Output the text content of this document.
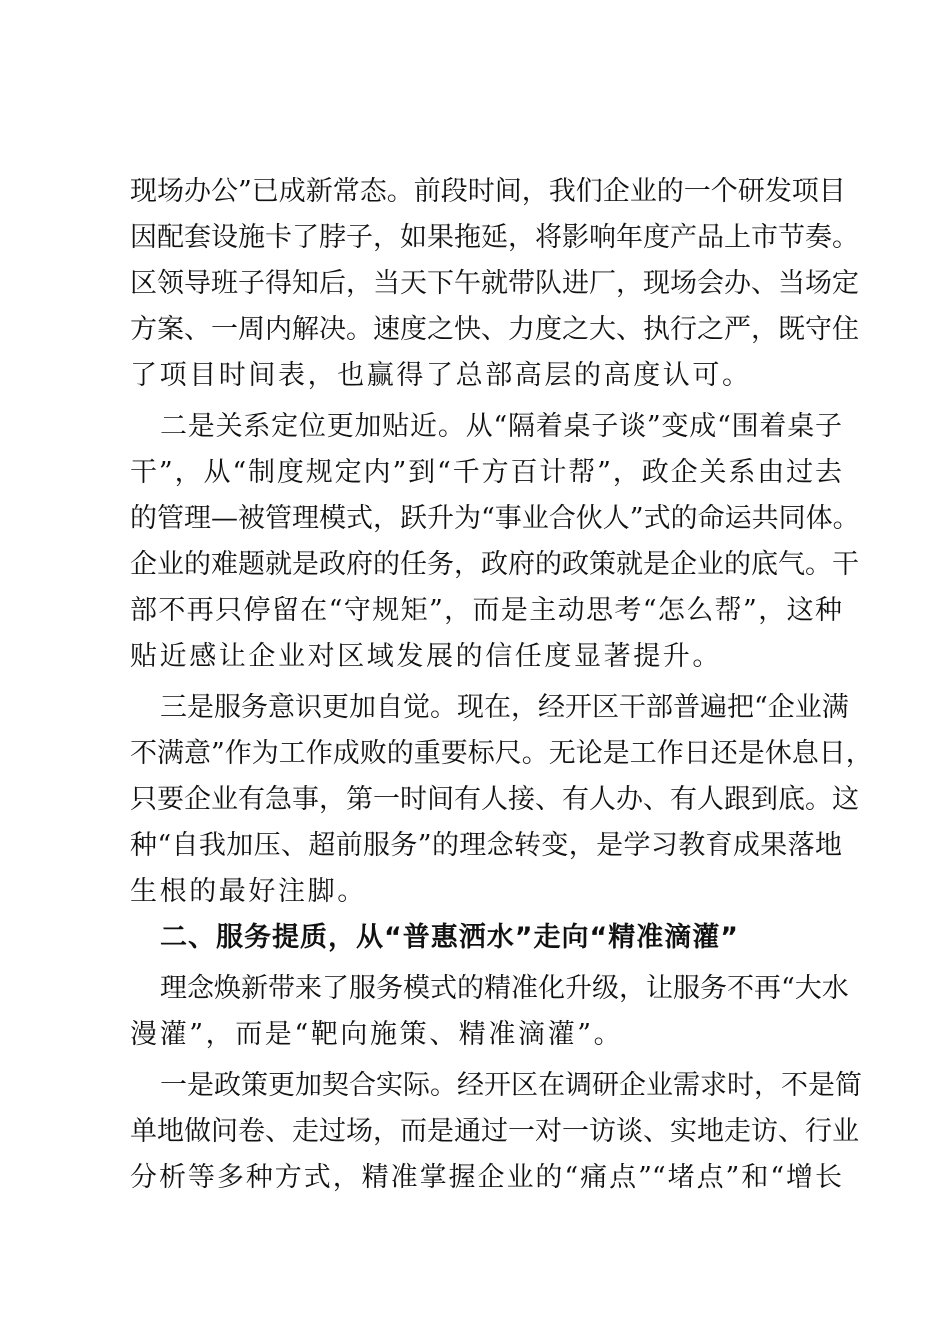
现场办公”已成新常态。前段时间，我们企业的一个研发项目
因配套设施卡了脖子，如果拖延，将影响年度产品上市节奏。
区领导班子得知后，当天下午就带队进厂，现场会办、当场定
方案、一周内解决。速度之快、力度之大、执行之严，既守住
了项目时间表，也赢得了总部高层的高度认可。
二是关系定位更加贴近。从“隔着桌子谈”变成“围着桌子
干”，从“制度规定内”到“千方百计帮”，政企关系由过去
的管理—被管理模式，跃升为“事业合伙人”式的命运共同体。
企业的难题就是政府的任务，政府的政策就是企业的底气。干
部不再只停留在“守规矩”，而是主动思考“怎么帮”，这种
贴近感让企业对区域发展的信任度显著提升。
三是服务意识更加自觉。现在，经开区干部普遍把“企业满
不满意”作为工作成败的重要标尺。无论是工作日还是休息日，
只要企业有急事，第一时间有人接、有人办、有人跟到底。这
种“自我加压、超前服务”的理念转变，是学习教育成果落地
生根的最好注脚。
二、服务提质，从“普惠洒水”走向“精准滴灌”
理念焕新带来了服务模式的精准化升级，让服务不再“大水
漫灌”，而是“靶向施策、精准滴灌”。
一是政策更加契合实际。经开区在调研企业需求时，不是简
单地做问卷、走过场，而是通过一对一访谈、实地走访、行业
分析等多种方式，精准掌握企业的“痛点”“堵点”和“增长
